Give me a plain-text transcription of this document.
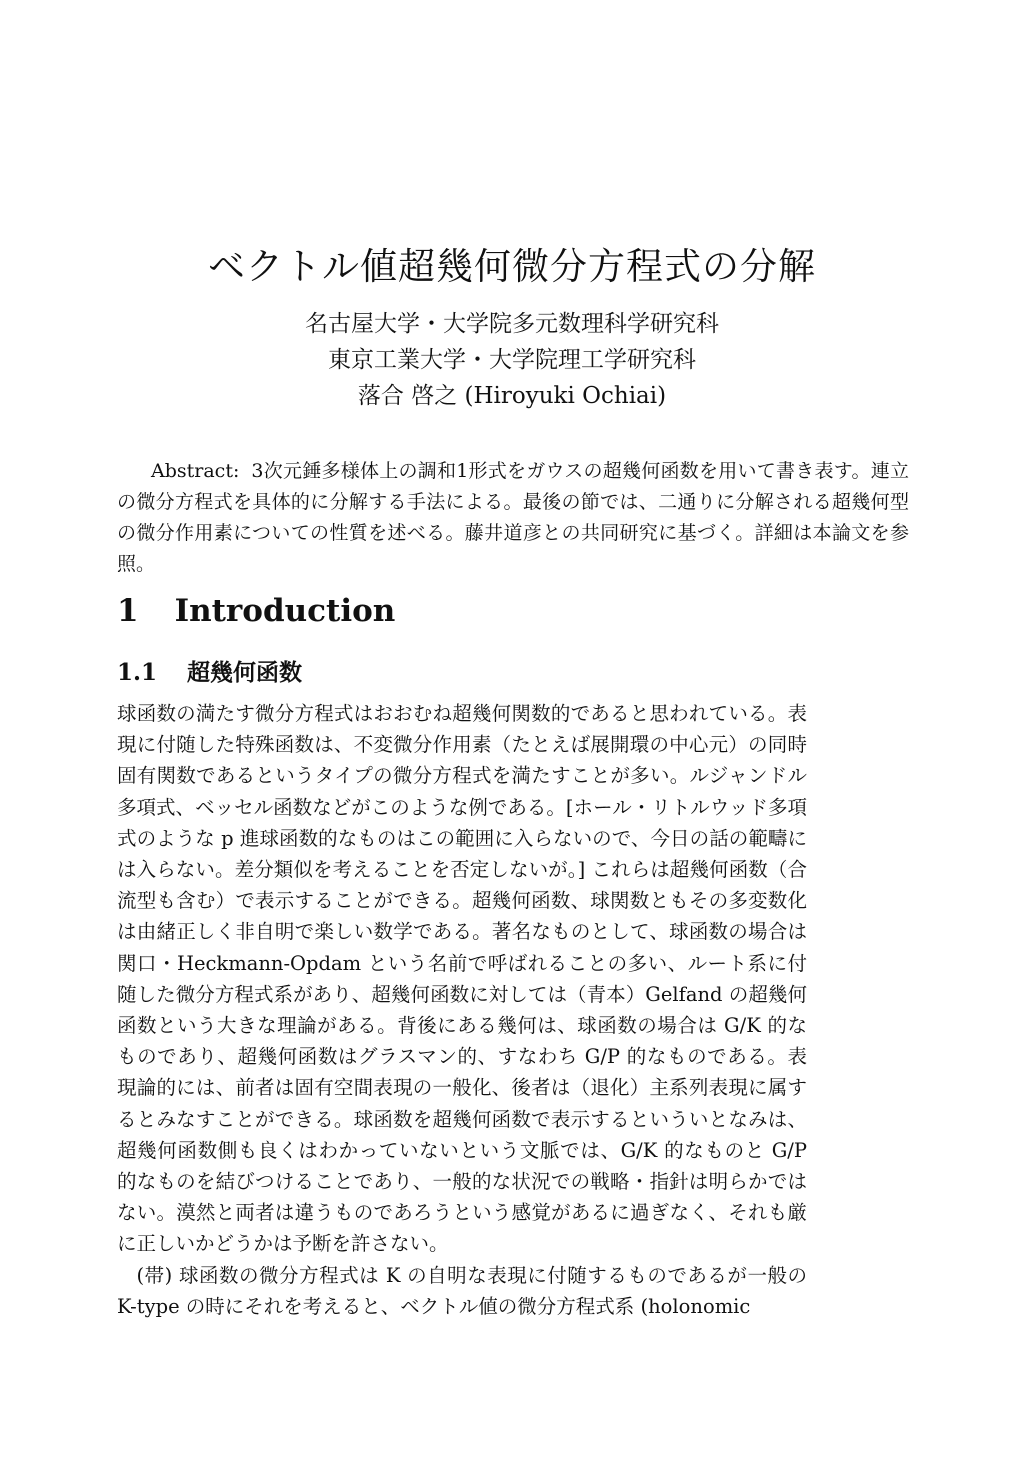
ベクトル値超幾何微分方程式の分解
名古屋大学・大学院多元数理科学研究科
東京工業大学・大学院理工学研究科
落合 啓之 (Hiroyuki Ochiai)

Abstract: 3次元錘多様体上の調和1形式をガウスの超幾何函数を用いて書き表す。連立の微分方程式を具体的に分解する手法による。最後の節では、二通りに分解される超幾何型の微分作用素についての性質を述べる。藤井道彦との共同研究に基づく。詳細は本論文を参照。

1 Introduction
1.1 超幾何函数

球函数の満たす微分方程式はおおむね超幾何関数的であると思われている。表現に付随した特殊函数は、不変微分作用素（たとえば展開環の中心元）の同時固有関数であるというタイプの微分方程式を満たすことが多い。ルジャンドル多項式、ベッセル函数などがこのような例である。[ホール・リトルウッド多項式のような p 進球函数的なものはこの範囲に入らないので、今日の話の範疇には入らない。差分類似を考えることを否定しないが。] これらは超幾何函数（合流型も含む）で表示することができる。超幾何函数、球関数ともその多変数化は由緒正しく非自明で楽しい数学である。著名なものとして、球函数の場合は関口・Heckmann-Opdam という名前で呼ばれることの多い、ルート系に付随した微分方程式系があり、超幾何函数に対しては（青本）Gelfand の超幾何函数という大きな理論がある。背後にある幾何は、球函数の場合は G/K 的なものであり、超幾何函数はグラスマン的、すなわち G/P 的なものである。表現論的には、前者は固有空間表現の一般化、後者は（退化）主系列表現に属するとみなすことができる。球函数を超幾何函数で表示するといういとなみは、超幾何函数側も良くはわかっていないという文脈では、G/K 的なものと G/P 的なものを結びつけることであり、一般的な状況での戦略・指針は明らかではない。漠然と両者は違うものであろうという感覚があるに過ぎなく、それも厳に正しいかどうかは予断を許さない。

(帯) 球函数の微分方程式は K の自明な表現に付随するものであるが一般の K-type の時にそれを考えると、ベクトル値の微分方程式系 (holonomic
